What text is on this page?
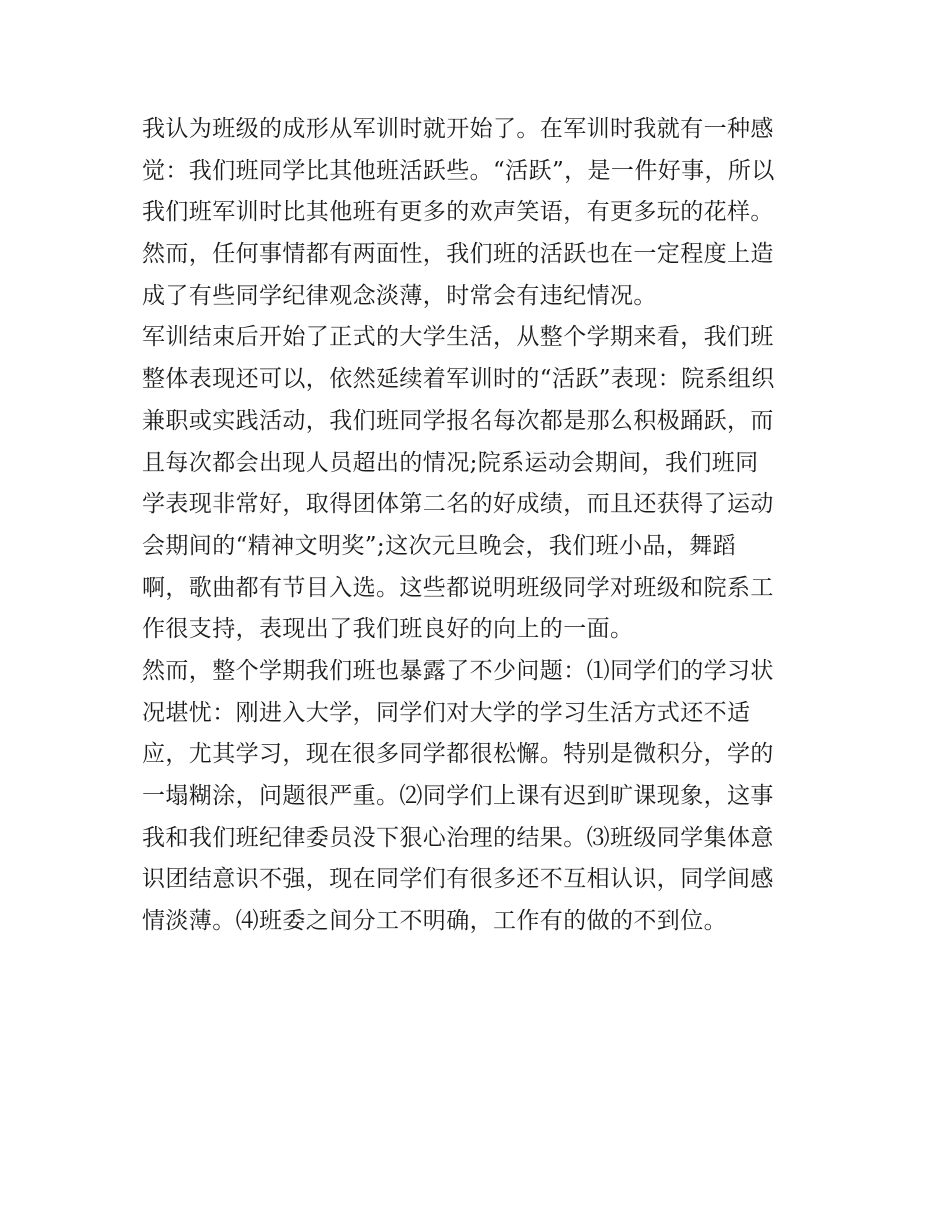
我认为班级的成形从军训时就开始了。在军训时我就有一种感
觉：我们班同学比其他班活跃些。“活跃”，是一件好事，所以
我们班军训时比其他班有更多的欢声笑语，有更多玩的花样。
然而，任何事情都有两面性，我们班的活跃也在一定程度上造
成了有些同学纪律观念淡薄，时常会有违纪情况。
军训结束后开始了正式的大学生活，从整个学期来看，我们班
整体表现还可以，依然延续着军训时的“活跃”表现：院系组织
兼职或实践活动，我们班同学报名每次都是那么积极踊跃，而
且每次都会出现人员超出的情况;院系运动会期间，我们班同
学表现非常好，取得团体第二名的好成绩，而且还获得了运动
会期间的“精神文明奖”;这次元旦晚会，我们班小品，舞蹈
啊，歌曲都有节目入选。这些都说明班级同学对班级和院系工
作很支持，表现出了我们班良好的向上的一面。
然而，整个学期我们班也暴露了不少问题：⑴同学们的学习状
况堪忧：刚进入大学，同学们对大学的学习生活方式还不适
应，尤其学习，现在很多同学都很松懈。特别是微积分，学的
一塌糊涂，问题很严重。⑵同学们上课有迟到旷课现象，这事
我和我们班纪律委员没下狠心治理的结果。⑶班级同学集体意
识团结意识不强，现在同学们有很多还不互相认识，同学间感
情淡薄。⑷班委之间分工不明确，工作有的做的不到位。
